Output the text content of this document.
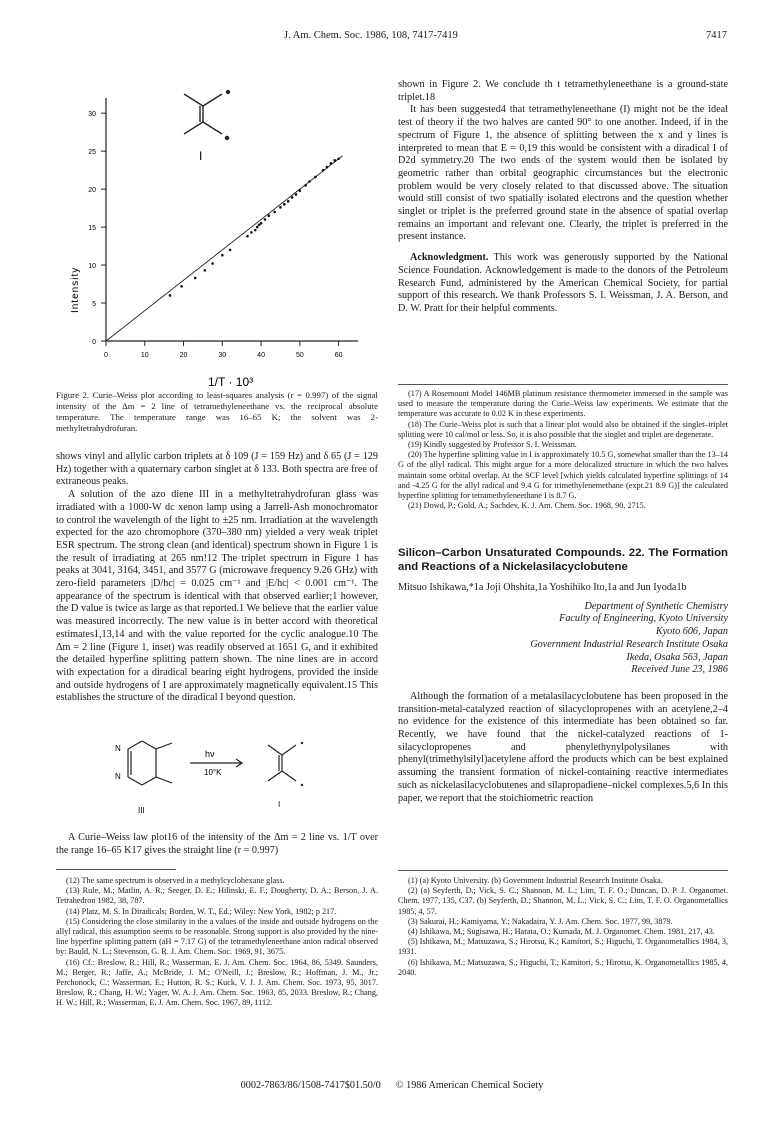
J. Am. Chem. Soc. 1986, 108, 7417-7419	7417
0	10	20	30	40	50	60
0
5
10
15
20
25
30
I
Intensity
1/T · 10³

Figure 2. Curie–Weiss plot according to least-squares analysis (r = 0.997) of the signal intensity of the Δm = 2 line of tetramethyleneethane vs. the reciprocal absolute temperature. The temperature range was 16–65 K; the solvent was 2-methyltetrahydrofuran.

shows vinyl and allylic carbon triplets at δ 109 (J = 159 Hz) and δ 65 (J = 129 Hz) together with a quaternary carbon singlet at δ 133. Both spectra are free of extraneous peaks.

A solution of the azo diene III in a methyltetrahydrofuran glass was irradiated with a 1000-W dc xenon lamp using a Jarrell-Ash monochromator to control the wavelength of the light to ±25 nm. Irradiation at the wavelength expected for the azo chromophore (370–380 nm) yielded a very weak triplet ESR spectrum. The strong clean (and identical) spectrum shown in Figure 1 is the result of irradiating at 265 nm!12 The triplet spectrum in Figure 1 has peaks at 3041, 3164, 3451, and 3577 G (microwave frequency 9.26 GHz) with zero-field parameters |D/hc| = 0.025 cm⁻¹ and |E/hc| < 0.001 cm⁻¹. The appearance of the spectrum is identical with that observed earlier;1 however, the D value is twice as large as that reported.1 We believe that the earlier value was measured incorrectly. The new value is in better accord with theoretical estimates1,13,14 and with the value reported for the cyclic analogue.10 The Δm = 2 line (Figure 1, inset) was readily observed at 1651 G, and it exhibited the detailed hyperfine splitting pattern shown. The nine lines are in accord with expectation for a diradical bearing eight hydrogens, provided the inside and outside hydrogens of I are approximately magnetically equivalent.15 This establishes the structure of the diradical I beyond question.

N
N
hν
10°K
III
I

A Curie–Weiss law plot16 of the intensity of the Δm = 2 line vs. 1/T over the range 16–65 K17 gives the straight line (r = 0.997)

(12) The same spectrum is observed in a methylcyclohexane glass.

(13) Rule, M.; Matlin, A. R.; Seeger, D. E.; Hilinski, E. F.; Dougherty, D. A.; Berson, J. A. Tetrahedron 1982, 38, 787.

(14) Platz, M. S. In Diradicals; Borden, W. T., Ed.; Wiley: New York, 1982; p 217.

(15) Considering the close similarity in the a values of the inside and outside hydrogens on the allyl radical, this assumption seems to be reasonable. Strong support is also provided by the nine-line hyperfine splitting pattern (aH = 7.17 G) of the tetramethyleneethane anion radical observed by: Bauld, N. L.; Stevenson, G. R. J. Am. Chem. Soc. 1969, 91, 3675.

(16) Cf.: Breslow, R.; Hill, R.; Wasserman, E. J. Am. Chem. Soc. 1964, 86, 5349. Saunders, M.; Berger, R.; Jaffe, A.; McBride, J. M.; O'Neill, J.; Breslow, R.; Hoffman, J. M., Jr.; Perchonock, C.; Wasserman, E.; Hutton, R. S.; Kuck, V. J. J. Am. Chem. Soc. 1973, 95, 3017. Breslow, R.; Chang, H. W.; Yager, W. A. J. Am. Chem. Soc. 1963, 85, 2033. Breslow, R.; Chang, H. W.; Hill, R.; Wasserman, E. J. Am. Chem. Soc. 1967, 89, 1112.

shown in Figure 2. We conclude th t tetramethyleneethane is a ground-state triplet.18

It has been suggested4 that tetramethyleneethane (I) might not be the ideal test of theory if the two halves are canted 90° to one another. Indeed, if in the spectrum of Figure 1, the absence of splitting between the x and y lines is interpreted to mean that E = 0,19 this would be consistent with a diradical I of D2d symmetry.20 The two ends of the system would then be isolated by geometric rather than orbital geographic circumstances but the electronic problem would be very closely related to that discussed above. The situation would still consist of two spatially isolated electrons and the question whether singlet or triplet is the preferred ground state in the absence of spatial overlap remains an important and relevant one. Clearly, the triplet is preferred in the present instance.

Acknowledgment. This work was generously supported by the National Science Foundation. Acknowledgement is made to the donors of the Petroleum Research Fund, administered by the American Chemical Society, for partial support of this research. We thank Professors S. I. Weissman, J. A. Berson, and D. W. Pratt for their helpful comments.

(17) A Rosemount Model 146MB platinum resistance thermometer immersed in the sample was used to measure the temperature during the Curie–Weiss law experiments. We estimate that the temperature was accurate to 0.02 K in these experiments.

(18) The Curie–Weiss plot is such that a linear plot would also be obtained if the singlet–triplet splitting were 10 cal/mol or less. So, it is also possible that the singlet and triplet are degenerate.

(19) Kindly suggested by Professor S. I. Weissman.

(20) The hyperfine splitting value in I is approximately 10.5 G, somewhat smaller than the 13–14 G of the allyl radical. This might argue for a more delocalized structure in which the two halves maintain some orbital overlap. At the SCF level [which yields calculated hyperfine splittings of 14 and -4.25 G for the allyl radical and 9.4 G for trimethylenemethane (expt.21 8.9 G)] the calculated hyperfine splitting for tetramethyleneethane I is 8.7 G.

(21) Dowd, P.; Gold, A.; Sachdev, K. J. Am. Chem. Soc. 1968, 90, 2715.

Silicon–Carbon Unsaturated Compounds. 22. The Formation and Reactions of a Nickelasilacyclobutene

Mitsuo Ishikawa,*1a Joji Ohshita,1a Yoshihiko Ito,1a and Jun Iyoda1b

Department of Synthetic Chemistry

Faculty of Engineering, Kyoto University

Kyoto 606, Japan

Government Industrial Research Institute Osaka

Ikeda, Osaka 563, Japan

Received June 23, 1986

Although the formation of a metalasilacyclobutene has been proposed in the transition-metal-catalyzed reaction of silacyclopropenes with an acetylene,2–4 no evidence for the existence of this intermediate has been obtained so far. Recently, we have found that the nickel-catalyzed reactions of 1-silacyclopropenes and phenylethynylpolysilanes with phenyl(trimethylsilyl)acetylene afford the products which can be best explained assuming the transient formation of nickel-containing reactive intermediates such as nickelasilacyclobutenes and silapropadiene–nickel complexes.5,6 In this paper, we report that the stoichiometric reaction

(1) (a) Kyoto University. (b) Government Industrial Research Institute Osaka.

(2) (a) Seyferth, D.; Vick, S. C.; Shannon, M. L.; Lim, T. F. O.; Duncan, D. P. J. Organomet. Chem. 1977, 135, C37. (b) Seyferth, D.; Shannon, M. L.; Vick, S. C.; Lim, T. F. O. Organometallics 1985, 4, 57.

(3) Sakurai, H.; Kamiyama, Y.; Nakadaira, Y. J. Am. Chem. Soc. 1977, 99, 3879.

(4) Ishikawa, M.; Sugisawa, H.; Harata, O.; Kumada, M. J. Organomet. Chem. 1981, 217, 43.

(5) Ishikawa, M.; Matsuzawa, S.; Hirotsu, K.; Kamitori, S.; Higuchi, T. Organometallics 1984, 3, 1931.

(6) Ishikawa, M.; Matsuzawa, S.; Higuchi, T.; Kamitori, S.; Hirotsu, K. Organometallics 1985, 4, 2040.

0002-7863/86/1508-7417$01.50/0 © 1986 American Chemical Society
